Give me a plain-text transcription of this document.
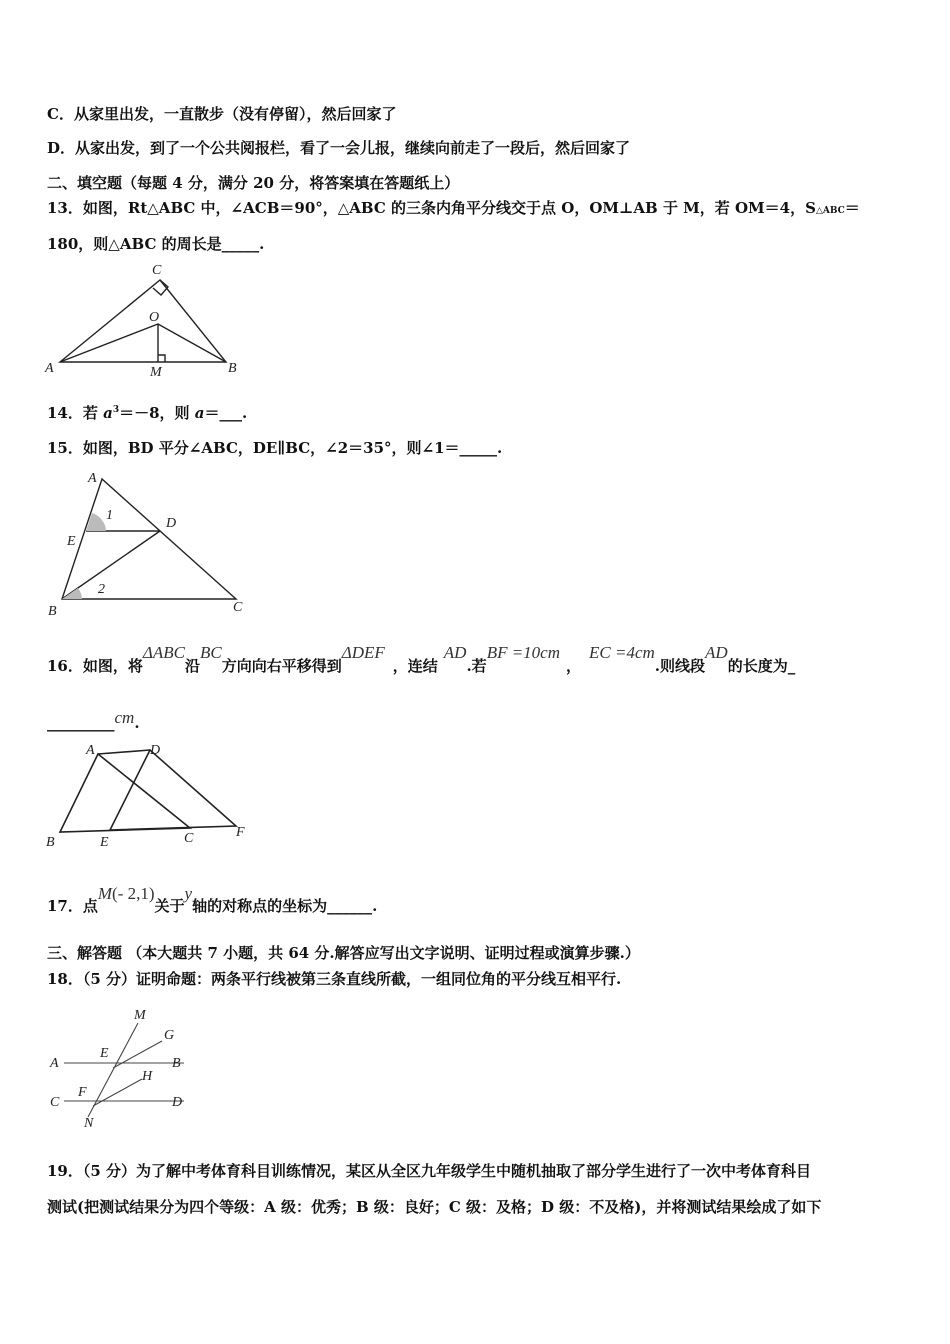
C．从家里出发，一直散步（没有停留），然后回家了
D．从家出发，到了一个公共阅报栏，看了一会儿报，继续向前走了一段后，然后回家了
二、填空题（每题 4 分，满分 20 分，将答案填在答题纸上）
13．如图，Rt△ABC 中，∠ACB＝90°，△ABC 的三条内角平分线交于点 O，OM⊥AB 于 M，若 OM＝4，S△ABC＝
180，则△ABC 的周长是_____.
A	B
C
O
M
14．若 $a^3=-8$，则 a＝___.
15．如图，BD 平分∠ABC，DE∥BC，∠2＝35°，则∠1＝_____.
A
B	C
D
E
1
2
16．如图，将ΔABC沿BC方向向右平移得到ΔDEF，连结AD.若BF =10cm，EC =4cm.则线段AD的长度为_
_________cm.
A	D
B	E	C	F
17．点M(- 2,1)关于y轴的对称点的坐标为______.
三、解答题 （本大题共 7 小题，共 64 分.解答应写出文字说明、证明过程或演算步骤.）
18．（5 分）证明命题：两条平行线被第三条直线所截，一组同位角的平分线互相平行.
A	B
C	D
E
F
G
H
M
N
19．（5 分）为了解中考体育科目训练情况，某区从全区九年级学生中随机抽取了部分学生进行了一次中考体育科目
测试(把测试结果分为四个等级：A 级：优秀；B 级：良好；C 级：及格；D 级：不及格)，并将测试结果绘成了如下
